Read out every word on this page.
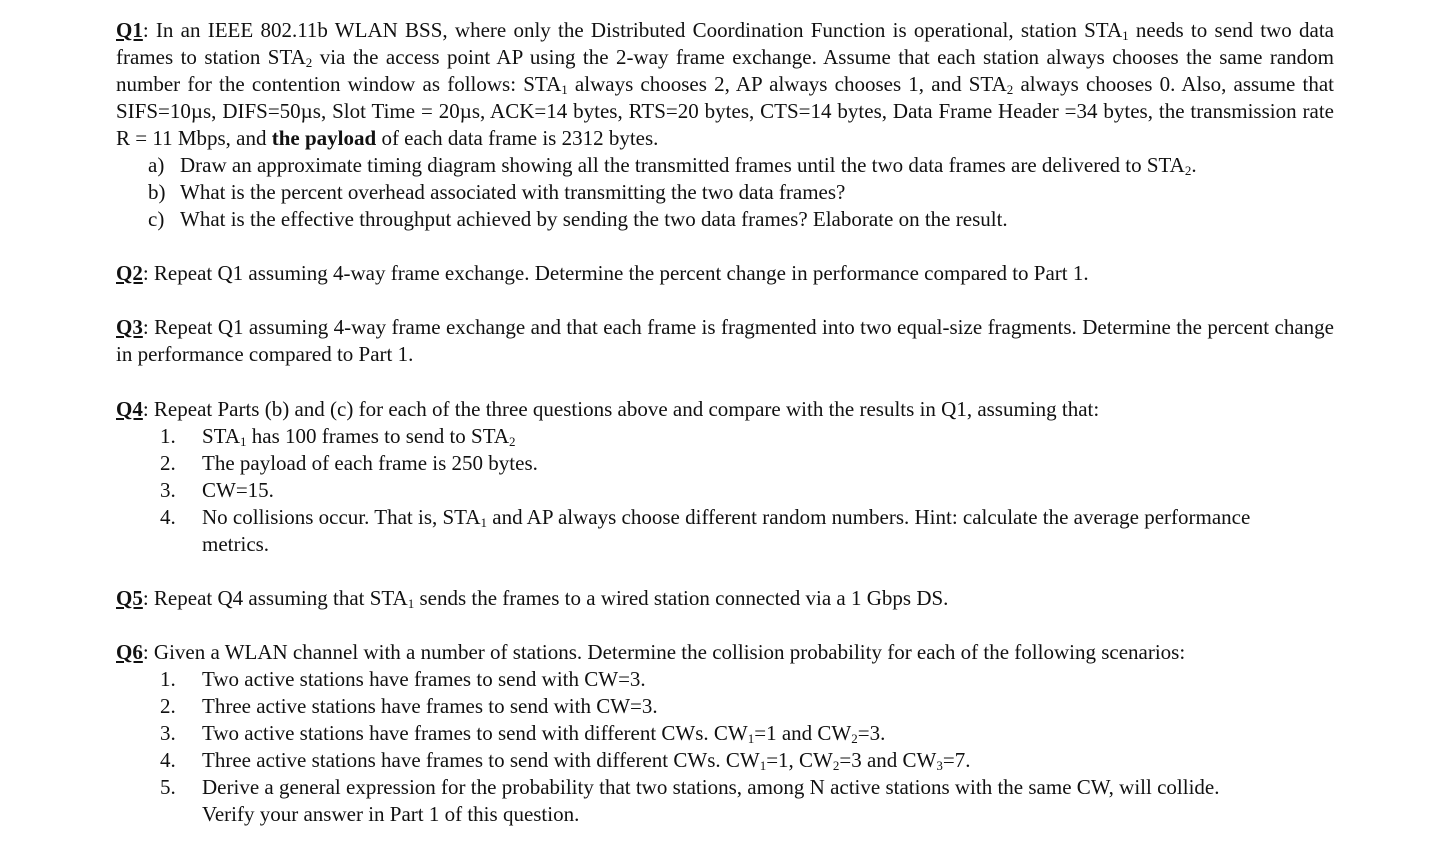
Q1: In an IEEE 802.11b WLAN BSS, where only the Distributed Coordination Function is operational, station $STA_1$ needs to send two data frames to station $STA_2$ via the access point AP using the 2-way frame exchange. Assume that each station always chooses the same random number for the contention window as follows: $STA_1$ always chooses 2, AP always chooses 1, and $STA_2$ always chooses 0. Also, assume that SIFS=10µs, DIFS=50µs, Slot Time = 20µs, ACK=14 bytes, RTS=20 bytes, CTS=14 bytes, Data Frame Header =34 bytes, the transmission rate R = 11 Mbps, and the payload of each data frame is 2312 bytes.

a) Draw an approximate timing diagram showing all the transmitted frames until the two data frames are delivered to $STA_2$.
b) What is the percent overhead associated with transmitting the two data frames?
c) What is the effective throughput achieved by sending the two data frames? Elaborate on the result.

Q2: Repeat Q1 assuming 4-way frame exchange. Determine the percent change in performance compared to Part 1.

Q3: Repeat Q1 assuming 4-way frame exchange and that each frame is fragmented into two equal-size fragments. Determine the percent change in performance compared to Part 1.

Q4: Repeat Parts (b) and (c) for each of the three questions above and compare with the results in Q1, assuming that:

1. $STA_1$ has 100 frames to send to $STA_2$
2. The payload of each frame is 250 bytes.
3. CW=15.
4. No collisions occur. That is, $STA_1$ and AP always choose different random numbers. Hint: calculate the average performance metrics.

Q5: Repeat Q4 assuming that $STA_1$ sends the frames to a wired station connected via a 1 Gbps DS.

Q6: Given a WLAN channel with a number of stations. Determine the collision probability for each of the following scenarios:

1. Two active stations have frames to send with CW=3.
2. Three active stations have frames to send with CW=3.
3. Two active stations have frames to send with different CWs. $CW_1=1$ and $CW_2=3$.
4. Three active stations have frames to send with different CWs. $CW_1=1$, $CW_2=3$ and $CW_3=7$.
5. Derive a general expression for the probability that two stations, among N active stations with the same CW, will collide. Verify your answer in Part 1 of this question.
